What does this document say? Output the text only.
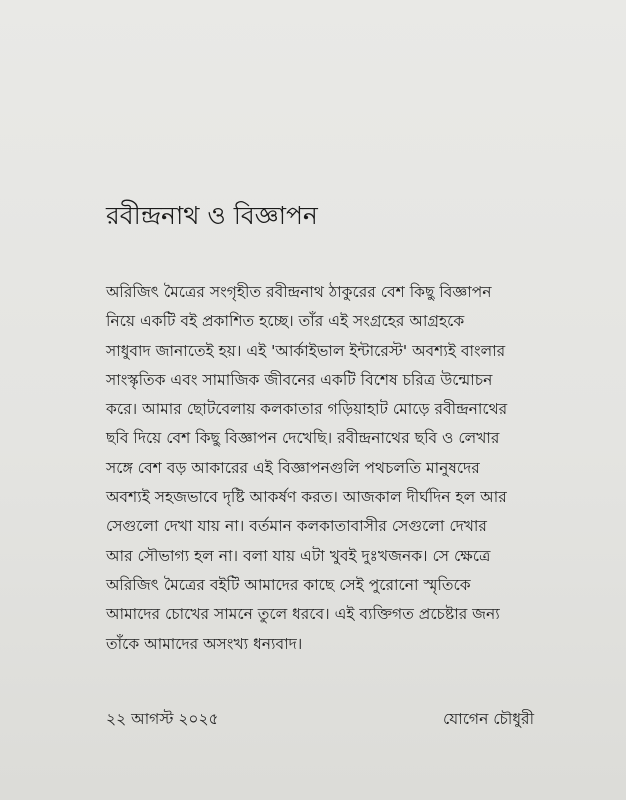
রবীন্দ্রনাথ ও বিজ্ঞাপন
অরিজিৎ মৈত্রের সংগৃহীত রবীন্দ্রনাথ ঠাকুরের বেশ কিছু বিজ্ঞাপন
নিয়ে একটি বই প্রকাশিত হচ্ছে। তাঁর এই সংগ্রহের আগ্রহকে
সাধুবাদ জানাতেই হয়। এই 'আর্কাইভাল ইন্টারেস্ট' অবশ্যই বাংলার
সাংস্কৃতিক এবং সামাজিক জীবনের একটি বিশেষ চরিত্র উন্মোচন
করে। আমার ছোটবেলায় কলকাতার গড়িয়াহাট মোড়ে রবীন্দ্রনাথের
ছবি দিয়ে বেশ কিছু বিজ্ঞাপন দেখেছি। রবীন্দ্রনাথের ছবি ও লেখার
সঙ্গে বেশ বড় আকারের এই বিজ্ঞাপনগুলি পথচলতি মানুষদের
অবশ্যই সহজভাবে দৃষ্টি আকর্ষণ করত। আজকাল দীর্ঘদিন হল আর
সেগুলো দেখা যায় না। বর্তমান কলকাতাবাসীর সেগুলো দেখার
আর সৌভাগ্য হল না। বলা যায় এটা খুবই দুঃখজনক। সে ক্ষেত্রে
অরিজিৎ মৈত্রের বইটি আমাদের কাছে সেই পুরোনো স্মৃতিকে
আমাদের চোখের সামনে তুলে ধরবে। এই ব্যক্তিগত প্রচেষ্টার জন্য
তাঁকে আমাদের অসংখ্য ধন্যবাদ।
২২ আগস্ট ২০২৫	যোগেন চৌধুরী
